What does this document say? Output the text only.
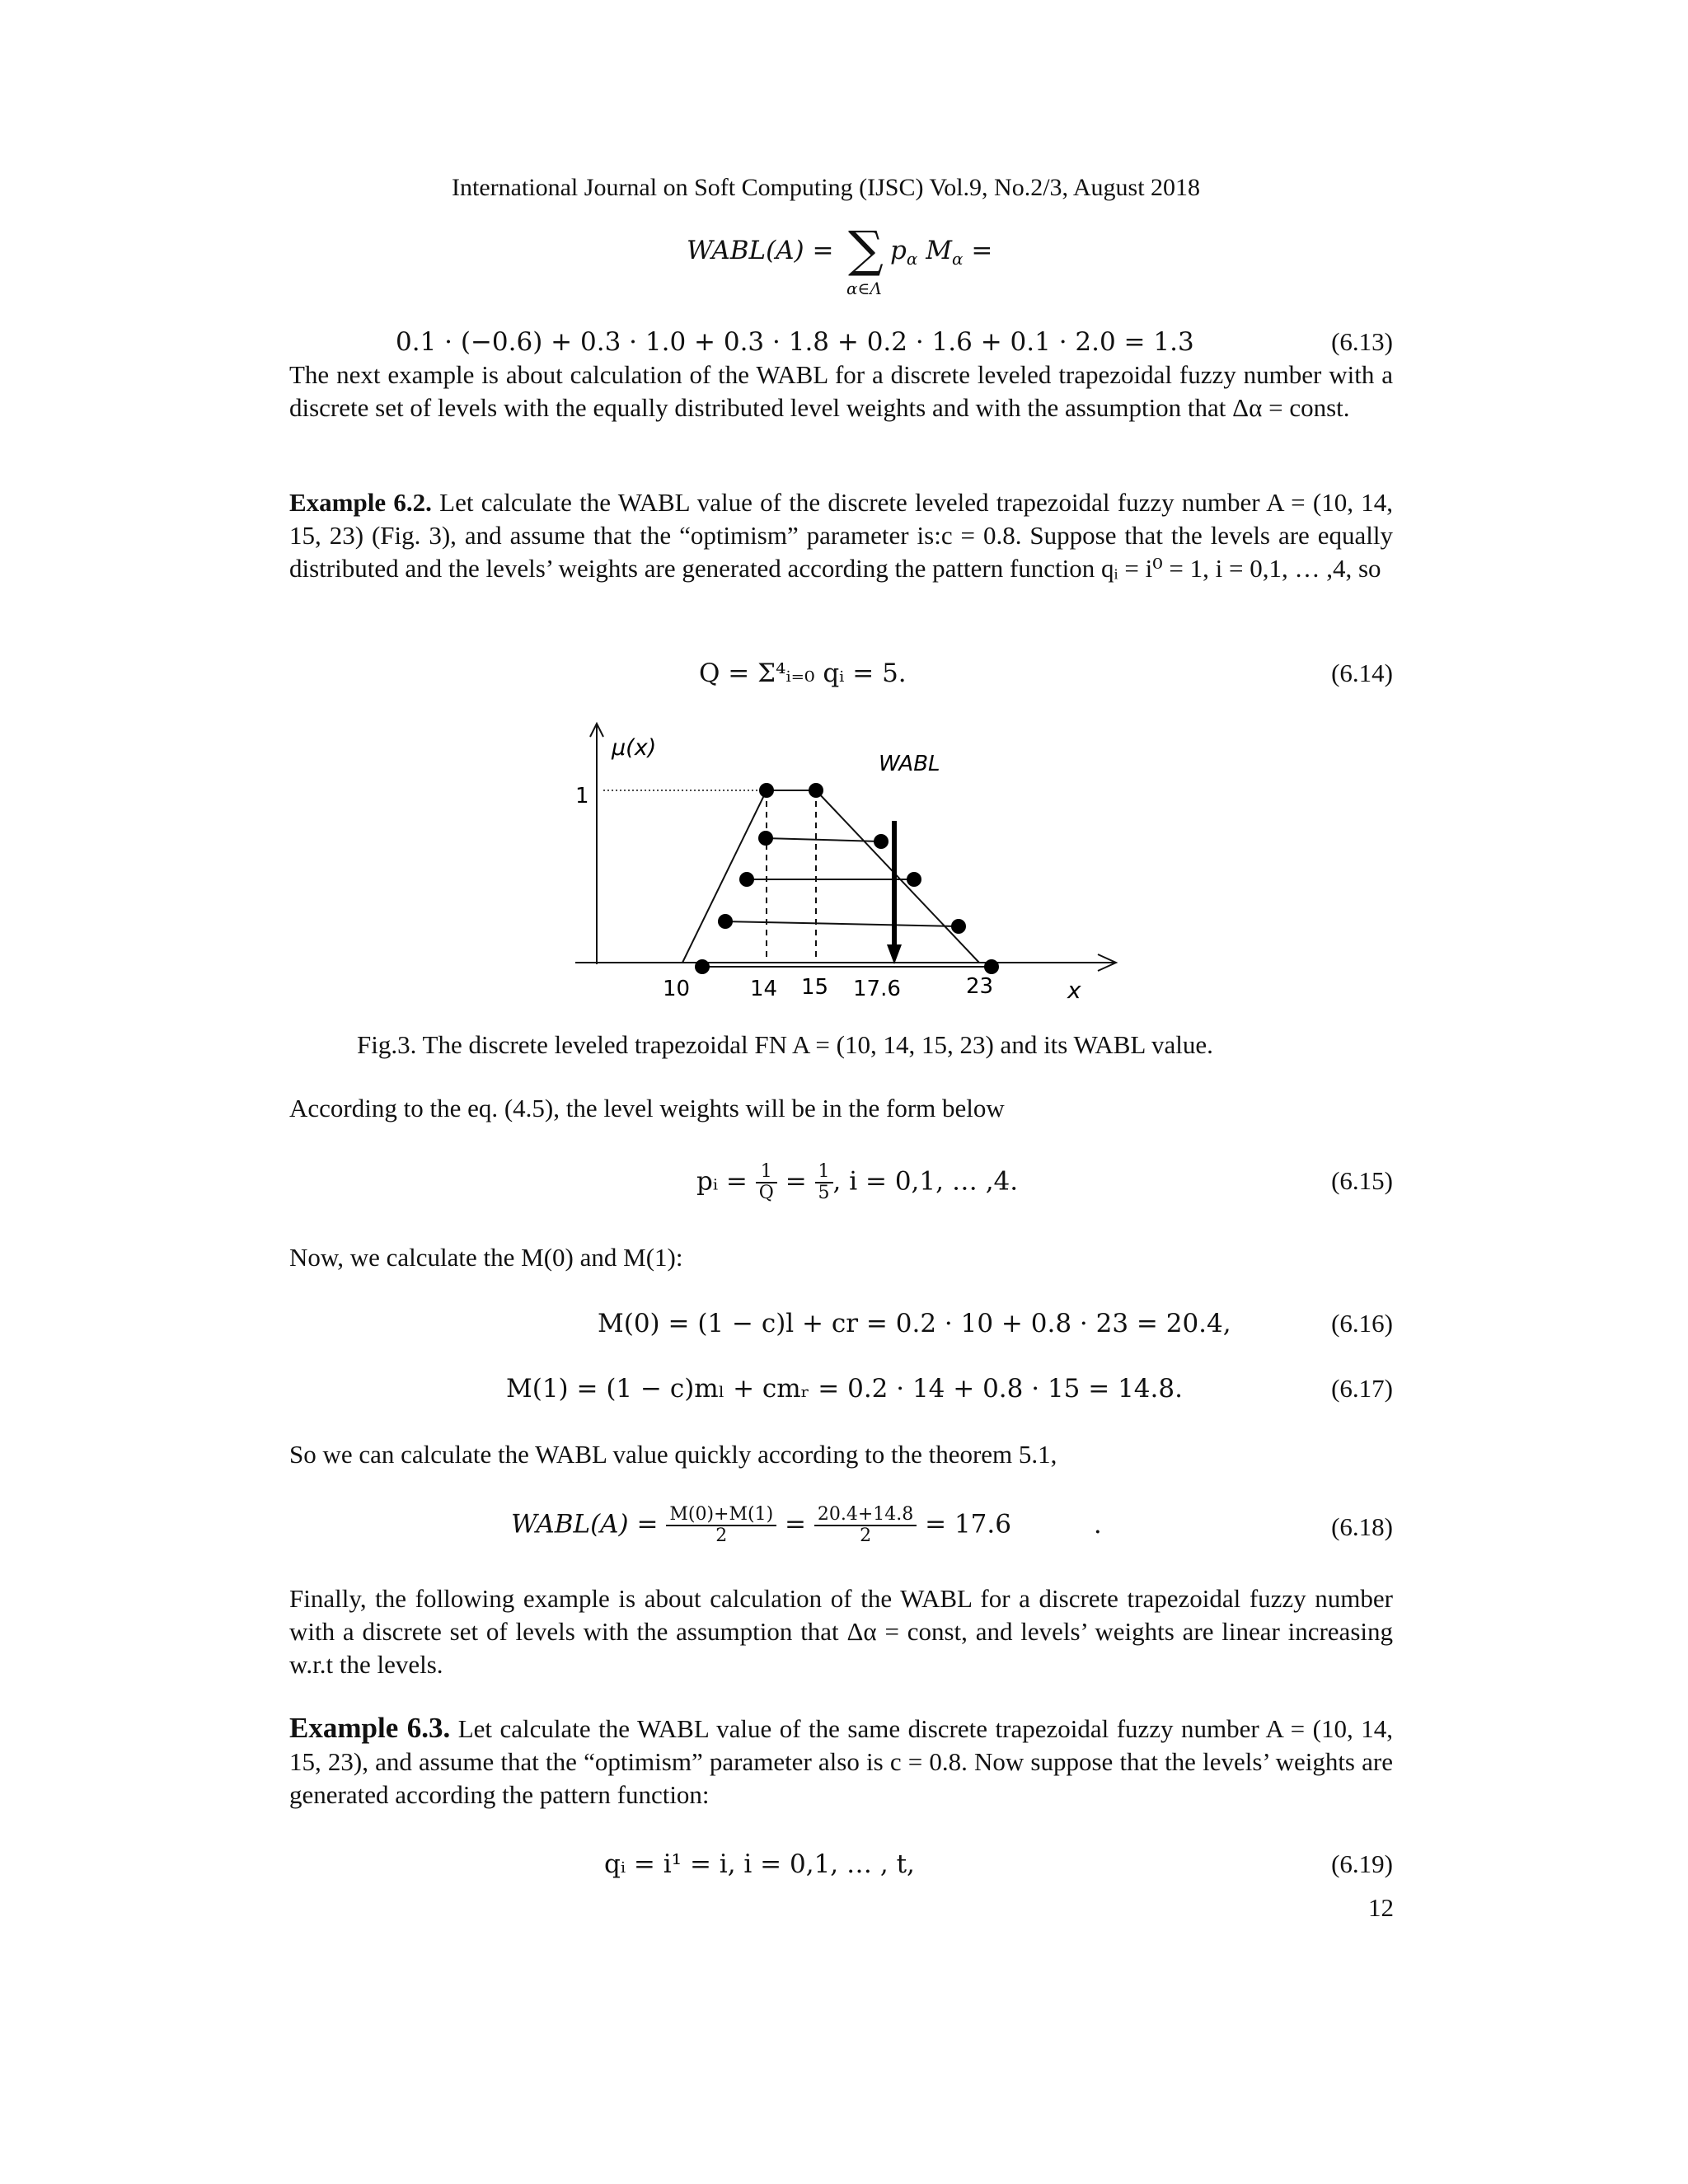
International Journal on Soft Computing (IJSC) Vol.9, No.2/3, August 2018
WABL(A) = ∑
α∈Λ
$p_\alpha$ $M_\alpha$ =
0.1 · (−0.6) + 0.3 · 1.0 + 0.3 · 1.8 + 0.2 · 1.6 + 0.1 · 2.0 = 1.3	(6.13)
The next example is about calculation of the WABL for a discrete leveled trapezoidal fuzzy number with a discrete set of levels with the equally distributed level weights and with the assumption that Δα = const.
Example 6.2. Let calculate the WABL value of the discrete leveled trapezoidal fuzzy number A = (10, 14, 15, 23) (Fig. 3), and assume that the “optimism” parameter is:c = 0.8. Suppose that the levels are equally distributed and the levels’ weights are generated according the pattern function qᵢ = i⁰ = 1, i = 0,1, … ,4, so
Q = Σ⁴ᵢ₌₀ qᵢ = 5.	(6.14)
μ(x)
1
WABL
10	14 15 17.6	23	x
Fig.3. The discrete leveled trapezoidal FN A = (10, 14, 15, 23) and its WABL value.
According to the eq. (4.5), the level weights will be in the form below
pᵢ = $\frac{1}{Q} = \frac{1}{5}$ , i = 0,1, … ,4.	(6.15)
Now, we calculate the M(0) and M(1):
M(0) = (1 − c)l + cr = 0.2 · 10 + 0.8 · 23 = 20.4,	(6.16)
M(1) = (1 − c)mₗ + cmᵣ = 0.2 · 14 + 0.8 · 15 = 14.8.	(6.17)
So we can calculate the WABL value quickly according to the theorem 5.1,
WABL(A) = $\frac{M(0)+M(1)}{2} = \frac{20.4+14.8}{2} = 17.6$	.	(6.18)
Finally, the following example is about calculation of the WABL for a discrete trapezoidal fuzzy number with a discrete set of levels with the assumption that Δα = const, and levels’ weights are linear increasing w.r.t the levels.
Example 6.3. Let calculate the WABL value of the same discrete trapezoidal fuzzy number A = (10, 14, 15, 23), and assume that the “optimism” parameter also is c = 0.8. Now suppose that the levels’ weights are generated according the pattern function:
qᵢ = i¹ = i, i = 0,1, … , t,	(6.19)
12
